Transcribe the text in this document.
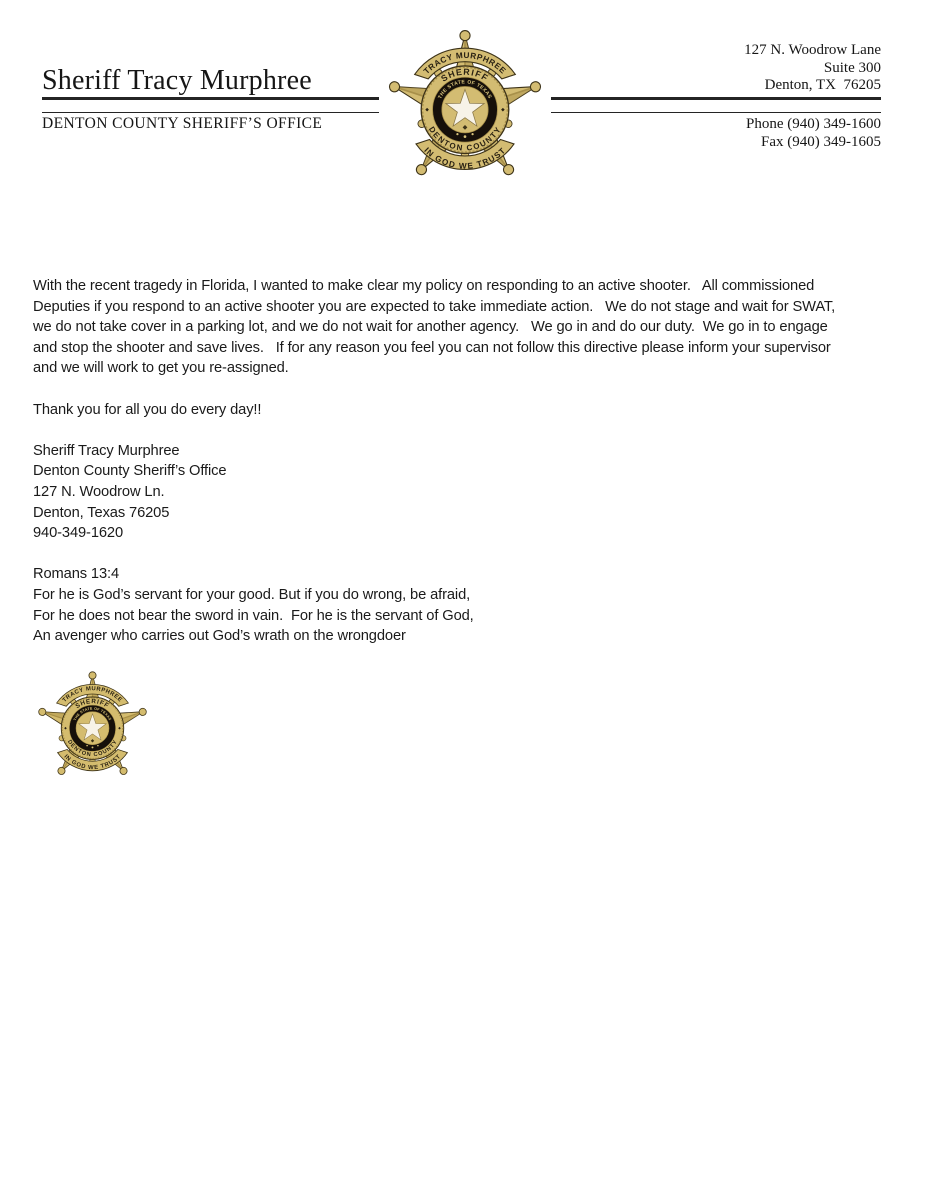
Sheriff Tracy Murphree
DENTON COUNTY SHERIFF’S OFFICE
127 N. Woodrow Lane
Suite 300
Denton, TX  76205
Phone (940) 349-1600
Fax (940) 349-1605
With the recent tragedy in Florida, I wanted to make clear my policy on responding to an active shooter.   All commissioned
Deputies if you respond to an active shooter you are expected to take immediate action.   We do not stage and wait for SWAT,
we do not take cover in a parking lot, and we do not wait for another agency.   We go in and do our duty.  We go in to engage
and stop the shooter and save lives.   If for any reason you feel you can not follow this directive please inform your supervisor
and we will work to get you re-assigned.
Thank you for all you do every day!!
Sheriff Tracy Murphree
Denton County Sheriff’s Office
127 N. Woodrow Ln.
Denton, Texas 76205
940-349-1620
Romans 13:4
For he is God’s servant for your good. But if you do wrong, be afraid,
For he does not bear the sword in vain.  For he is the servant of God,
An avenger who carries out God’s wrath on the wrongdoer
